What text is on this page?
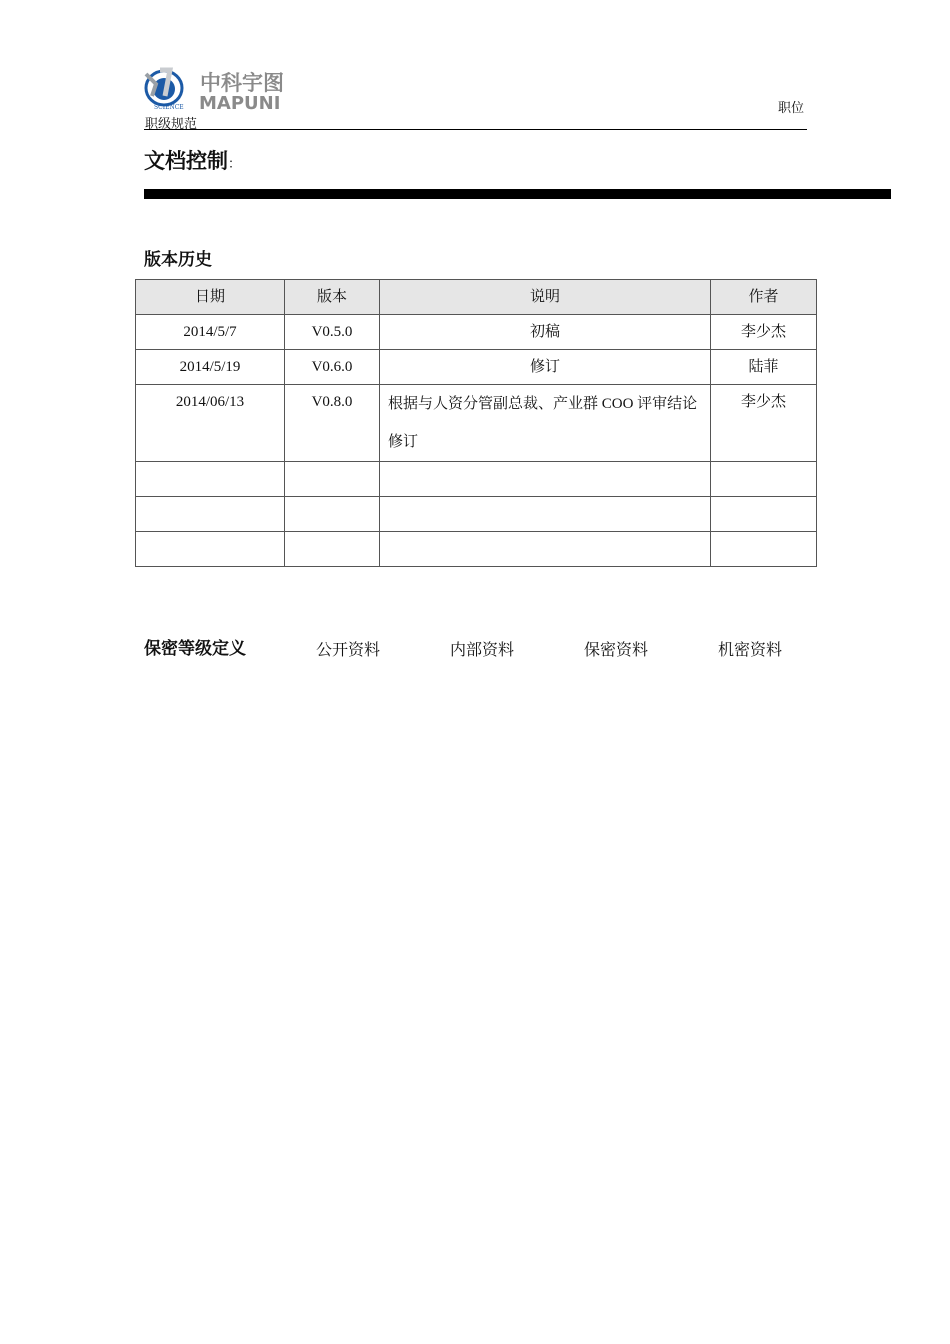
SCIENCE
中科宇图
MAPUNI
职级规范
职位
文档控制：
版本历史
日期	版本	说明	作者
2014/5/7	V0.5.0	初稿	李少杰
2014/5/19	V0.6.0	修订	陆菲
2014/06/13	V0.8.0	根据与人资分管副总裁、产业群 COO 评审结论修订	李少杰

保密等级定义	公开资料	内部资料	保密资料	机密资料
